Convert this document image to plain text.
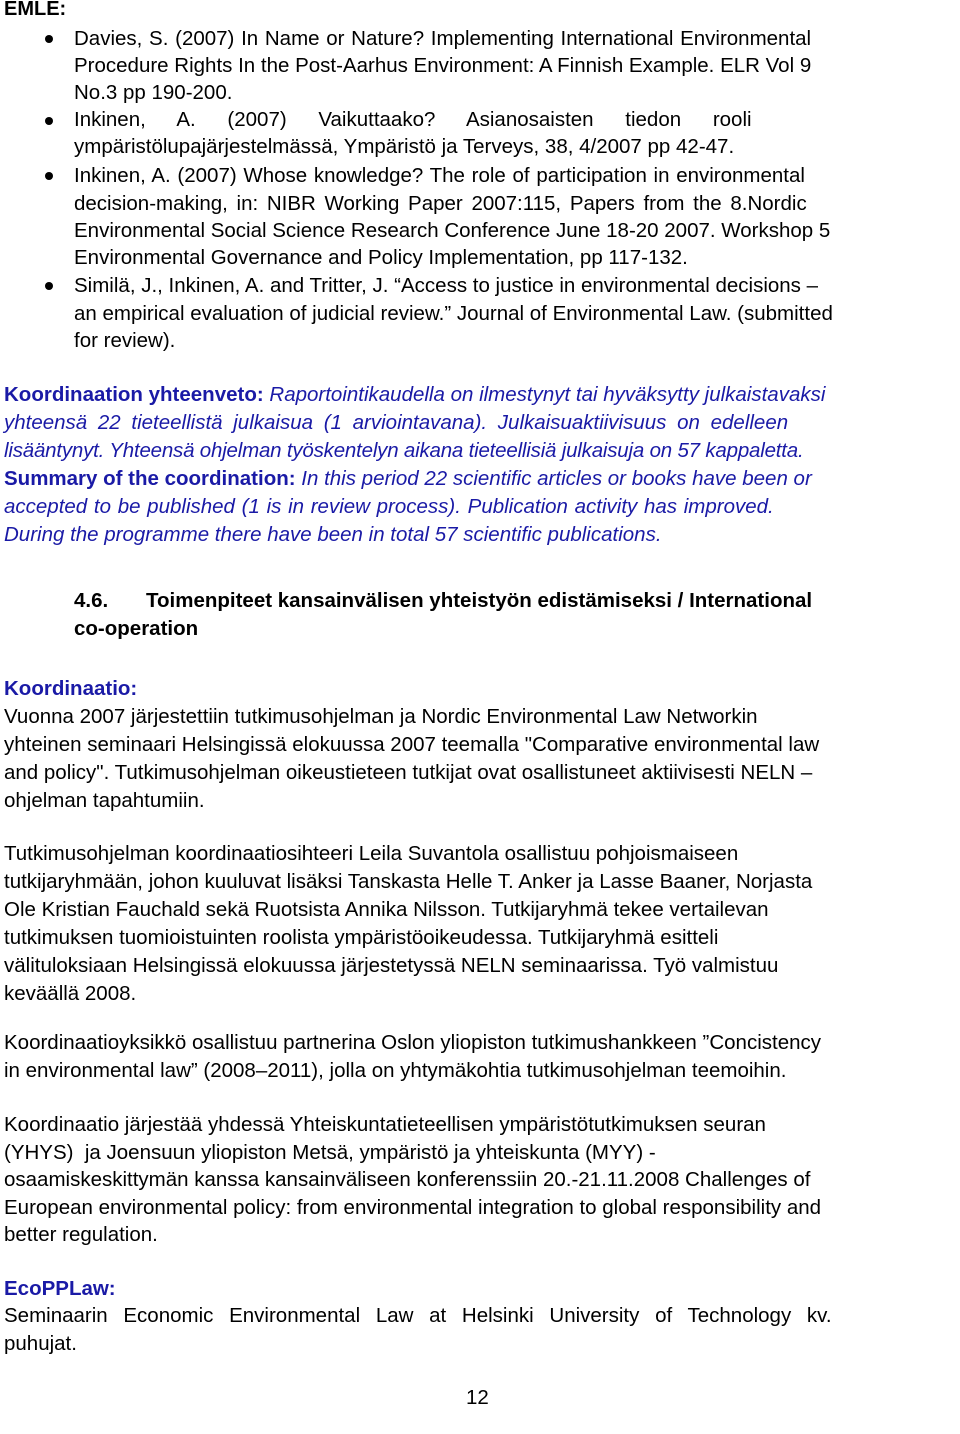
EMLE:
Davies, S. (2007) In Name or Nature? Implementing International Environmental
Procedure Rights In the Post-Aarhus Environment: A Finnish Example. ELR Vol 9
No.3 pp 190-200.
Inkinen, A. (2007) Vaikuttaako? Asianosaisten tiedon rooli
ympäristölupajärjestelmässä, Ympäristö ja Terveys, 38, 4/2007 pp 42-47.
Inkinen, A. (2007) Whose knowledge? The role of participation in environmental
decision-making, in: NIBR Working Paper 2007:115, Papers from the 8.Nordic
Environmental Social Science Research Conference June 18-20 2007. Workshop 5
Environmental Governance and Policy Implementation, pp 117-132.
Similä, J., Inkinen, A. and Tritter, J. “Access to justice in environmental decisions –
an empirical evaluation of judicial review.” Journal of Environmental Law. (submitted
for review).
Koordinaation yhteenveto: Raportointikaudella on ilmestynyt tai hyväksytty julkaistavaksi
yhteensä 22 tieteellistä julkaisua (1 arviointavana). Julkaisuaktiivisuus on edelleen
lisääntynyt. Yhteensä ohjelman työskentelyn aikana tieteellisiä julkaisuja on 57 kappaletta.
Summary of the coordination: In this period 22 scientific articles or books have been or
accepted to be published (1 is in review process). Publication activity has improved.
During the programme there have been in total 57 scientific publications.
4.6. Toimenpiteet kansainvälisen yhteistyön edistämiseksi / International
co-operation
Koordinaatio:
Vuonna 2007 järjestettiin tutkimusohjelman ja Nordic Environmental Law Networkin
yhteinen seminaari Helsingissä elokuussa 2007 teemalla "Comparative environmental law
and policy". Tutkimusohjelman oikeustieteen tutkijat ovat osallistuneet aktiivisesti NELN –
ohjelman tapahtumiin.
Tutkimusohjelman koordinaatiosihteeri Leila Suvantola osallistuu pohjoismaiseen
tutkijaryhmään, johon kuuluvat lisäksi Tanskasta Helle T. Anker ja Lasse Baaner, Norjasta
Ole Kristian Fauchald sekä Ruotsista Annika Nilsson. Tutkijaryhmä tekee vertailevan
tutkimuksen tuomioistuinten roolista ympäristöoikeudessa. Tutkijaryhmä esitteli
välituloksiaan Helsingissä elokuussa järjestetyssä NELN seminaarissa. Työ valmistuu
keväällä 2008.
Koordinaatioyksikkö osallistuu partnerina Oslon yliopiston tutkimushankkeen ”Concistency
in environmental law” (2008–2011), jolla on yhtymäkohtia tutkimusohjelman teemoihin.
Koordinaatio järjestää yhdessä Yhteiskuntatieteellisen ympäristötutkimuksen seuran
(YHYS)  ja Joensuun yliopiston Metsä, ympäristö ja yhteiskunta (MYY) -
osaamiskeskittymän kanssa kansainväliseen konferenssiin 20.-21.11.2008 Challenges of
European environmental policy: from environmental integration to global responsibility and
better regulation.
EcoPPLaw:
Seminaarin Economic Environmental Law at Helsinki University of Technology kv.
puhujat.
12
